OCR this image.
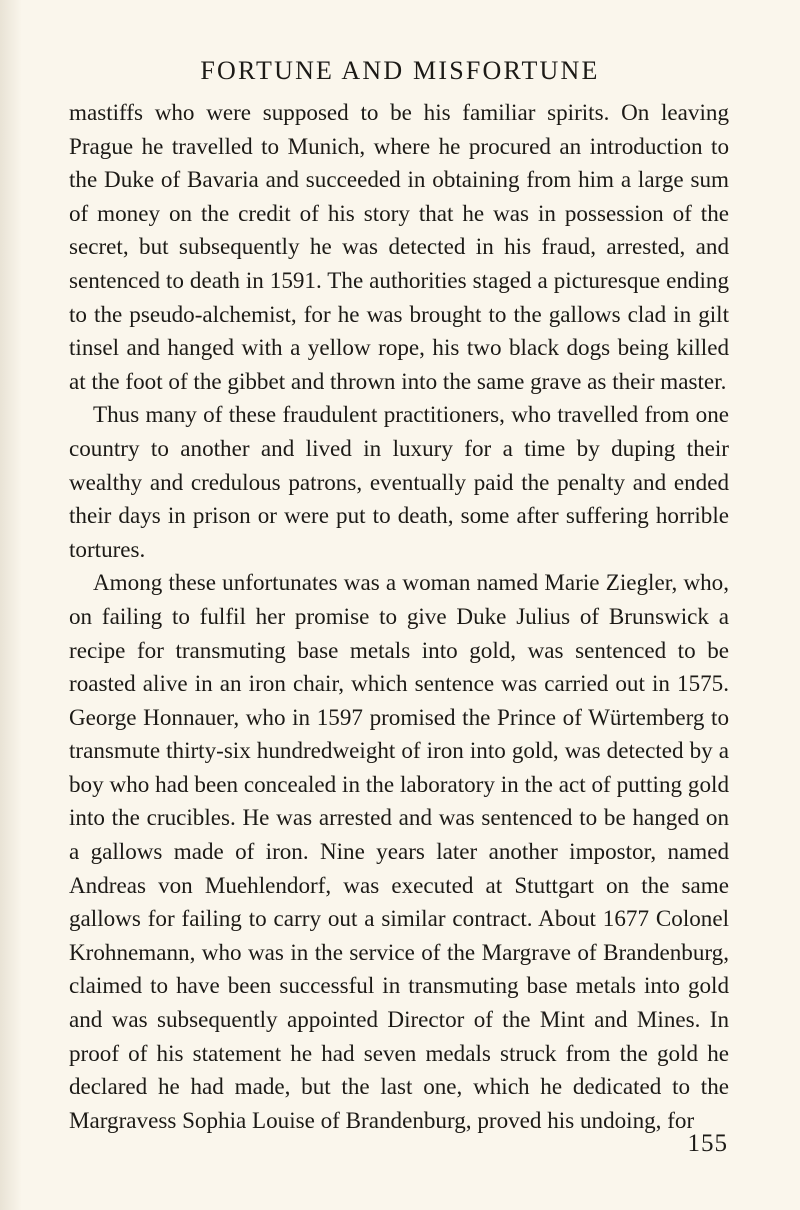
FORTUNE AND MISFORTUNE

mastiffs who were supposed to be his familiar spirits. On leaving Prague he travelled to Munich, where he procured an introduction to the Duke of Bavaria and succeeded in obtaining from him a large sum of money on the credit of his story that he was in possession of the secret, but subsequently he was detected in his fraud, arrested, and sentenced to death in 1591. The authorities staged a picturesque ending to the pseudo-alchemist, for he was brought to the gallows clad in gilt tinsel and hanged with a yellow rope, his two black dogs being killed at the foot of the gibbet and thrown into the same grave as their master.

Thus many of these fraudulent practitioners, who travelled from one country to another and lived in luxury for a time by duping their wealthy and credulous patrons, eventually paid the penalty and ended their days in prison or were put to death, some after suffering horrible tortures.

Among these unfortunates was a woman named Marie Ziegler, who, on failing to fulfil her promise to give Duke Julius of Brunswick a recipe for transmuting base metals into gold, was sentenced to be roasted alive in an iron chair, which sentence was carried out in 1575. George Honnauer, who in 1597 promised the Prince of Würtemberg to transmute thirty-six hundredweight of iron into gold, was detected by a boy who had been concealed in the laboratory in the act of putting gold into the crucibles. He was arrested and was sentenced to be hanged on a gallows made of iron. Nine years later another impostor, named Andreas von Muehlendorf, was executed at Stuttgart on the same gallows for failing to carry out a similar contract. About 1677 Colonel Krohnemann, who was in the service of the Margrave of Brandenburg, claimed to have been successful in transmuting base metals into gold and was subsequently appointed Director of the Mint and Mines. In proof of his statement he had seven medals struck from the gold he declared he had made, but the last one, which he dedicated to the Margravess Sophia Louise of Brandenburg, proved his undoing, for

155
